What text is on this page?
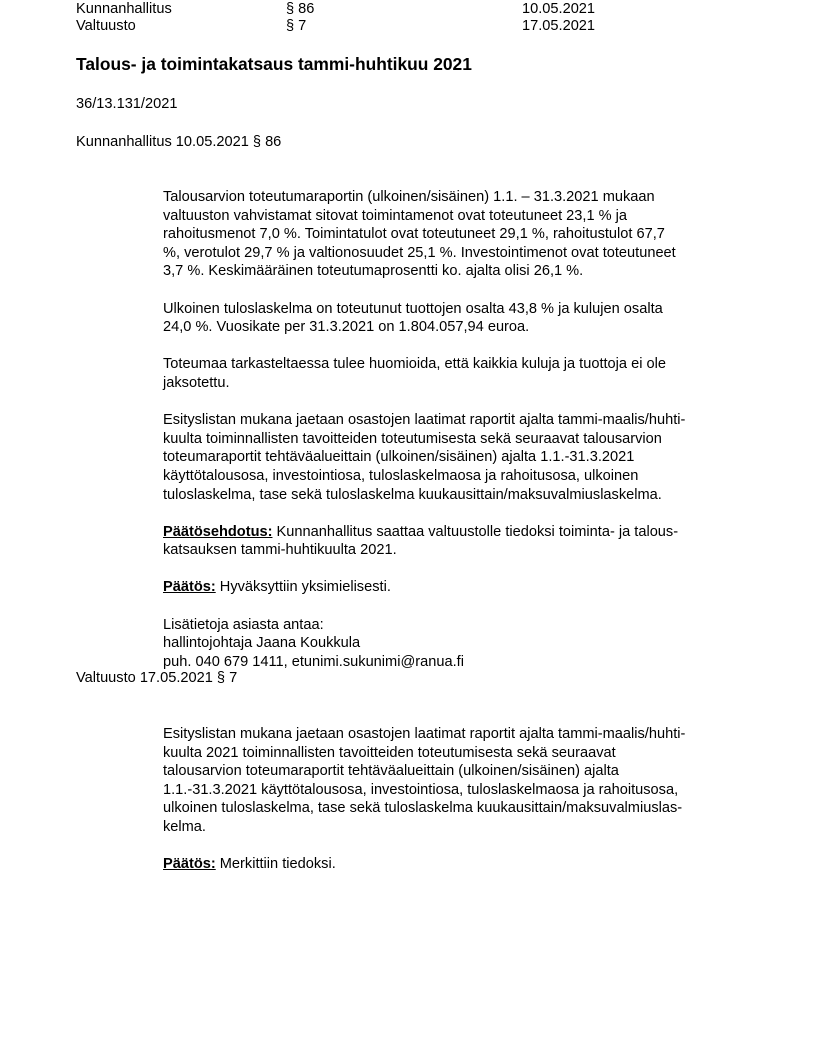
Kunnanhallitus	§ 86	10.05.2021
Valtuusto	§ 7	17.05.2021
Talous- ja toimintakatsaus tammi-huhtikuu 2021
36/13.131/2021
Kunnanhallitus 10.05.2021 § 86

Talousarvion toteutumaraportin (ulkoinen/sisäinen) 1.1. – 31.3.2021 mukaan
valtuuston vahvistamat sitovat toimintamenot ovat toteutuneet 23,1 % ja
rahoitusmenot 7,0 %. Toimintatulot ovat toteutuneet 29,1 %, rahoitustulot 67,7
%, verotulot 29,7 % ja valtionosuudet 25,1 %. Investointimenot ovat toteutuneet
3,7 %. Keskimääräinen toteutumaprosentti ko. ajalta olisi 26,1 %.

Ulkoinen tuloslaskelma on toteutunut tuottojen osalta 43,8 % ja kulujen osalta
24,0 %. Vuosikate per 31.3.2021 on 1.804.057,94 euroa.

Toteumaa tarkasteltaessa tulee huomioida, että kaikkia kuluja ja tuottoja ei ole
jaksotettu.

Esityslistan mukana jaetaan osastojen laatimat raportit ajalta tammi-maalis/huhti-
kuulta toiminnallisten tavoitteiden toteutumisesta sekä seuraavat talousarvion
toteumaraportit tehtäväalueittain (ulkoinen/sisäinen) ajalta 1.1.-31.3.2021
käyttötalousosa, investointiosa, tuloslaskelmaosa ja rahoitusosa, ulkoinen
tuloslaskelma, tase sekä tuloslaskelma kuukausittain/maksuvalmiuslaskelma.

Päätösehdotus: Kunnanhallitus saattaa valtuustolle tiedoksi toiminta- ja talous-
katsauksen tammi-huhtikuulta 2021.

Päätös: Hyväksyttiin yksimielisesti.

Lisätietoja asiasta antaa:
hallintojohtaja Jaana Koukkula
puh. 040 679 1411, etunimi.sukunimi@ranua.fi
Valtuusto 17.05.2021 § 7

Esityslistan mukana jaetaan osastojen laatimat raportit ajalta tammi-maalis/huhti-
kuulta 2021 toiminnallisten tavoitteiden toteutumisesta sekä seuraavat
talousarvion toteumaraportit tehtäväalueittain (ulkoinen/sisäinen) ajalta
1.1.-31.3.2021 käyttötalousosa, investointiosa, tuloslaskelmaosa ja rahoitusosa,
ulkoinen tuloslaskelma, tase sekä tuloslaskelma kuukausittain/maksuvalmiuslas-
kelma.

Päätös: Merkittiin tiedoksi.
